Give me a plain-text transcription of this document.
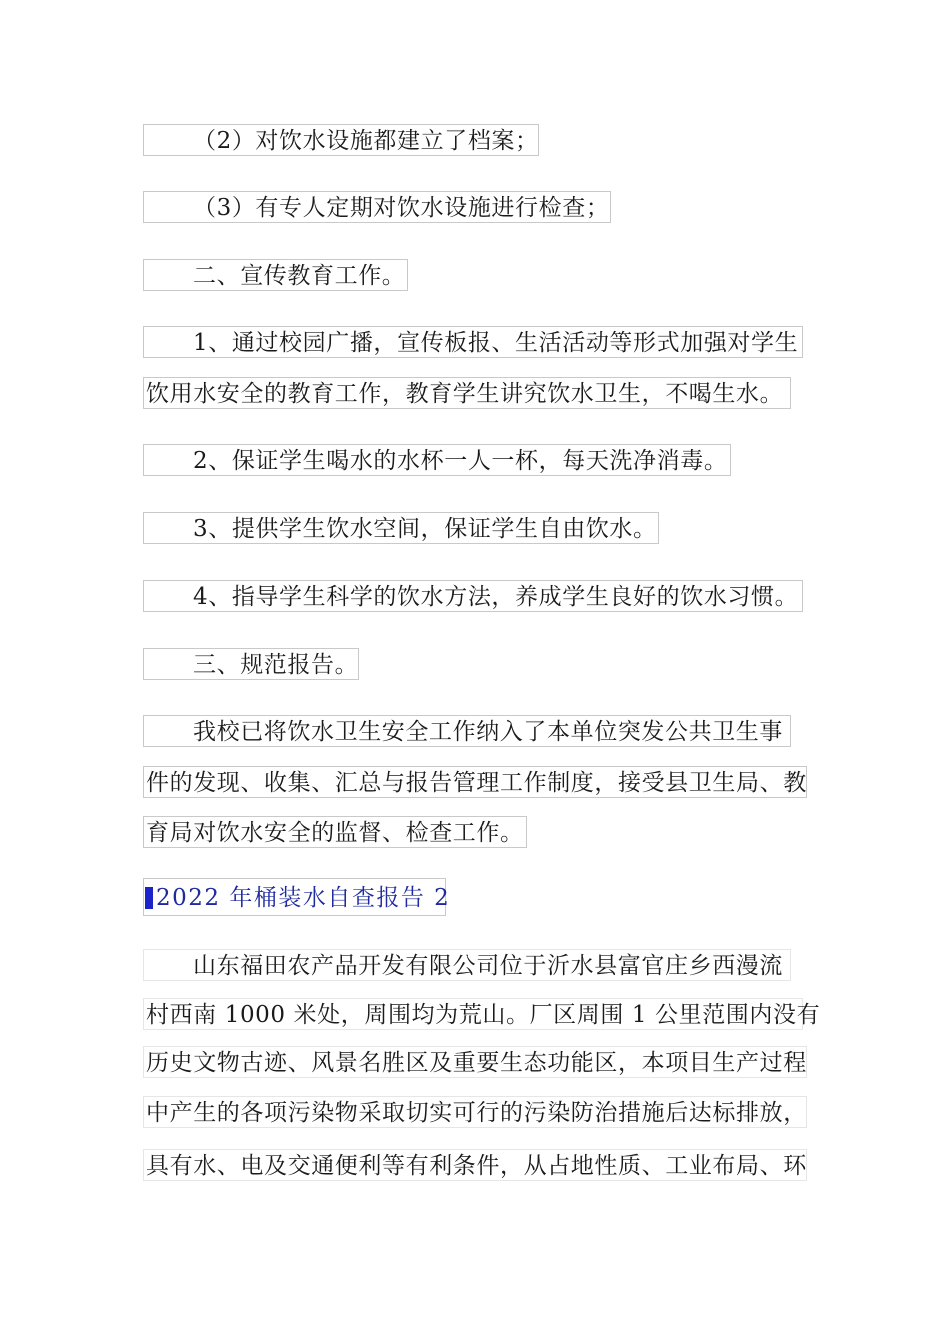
（2）对饮水设施都建立了档案；
（3）有专人定期对饮水设施进行检查；
二、宣传教育工作。
1、通过校园广播，宣传板报、生活活动等形式加强对学生
饮用水安全的教育工作，教育学生讲究饮水卫生，不喝生水。
2、保证学生喝水的水杯一人一杯，每天洗净消毒。
3、提供学生饮水空间，保证学生自由饮水。
4、指导学生科学的饮水方法，养成学生良好的饮水习惯。
三、规范报告。
我校已将饮水卫生安全工作纳入了本单位突发公共卫生事
件的发现、收集、汇总与报告管理工作制度，接受县卫生局、教
育局对饮水安全的监督、检查工作。
2022 年桶装水自查报告 2
山东福田农产品开发有限公司位于沂水县富官庄乡西漫流
村西南 1000 米处，周围均为荒山。厂区周围 1 公里范围内没有
历史文物古迹、风景名胜区及重要生态功能区，本项目生产过程
中产生的各项污染物采取切实可行的污染防治措施后达标排放，
具有水、电及交通便利等有利条件，从占地性质、工业布局、环
